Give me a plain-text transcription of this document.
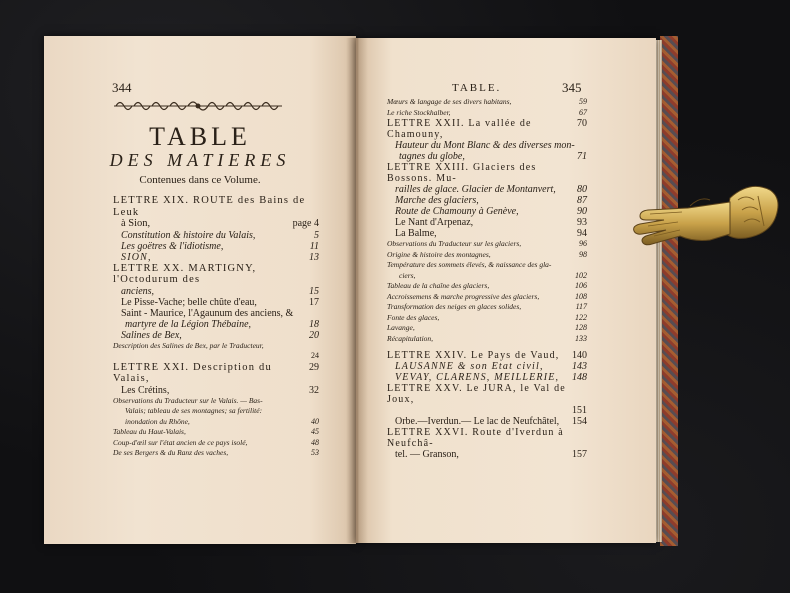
344
TABLE
DES MATIERES
Contenues dans ce Volume.
LETTRE XIX. ROUTE des Bains de Leuk
à Sion,	page 4
Constitution & histoire du Valais,	5
Les goëtres & l'idiotisme,	11
SION,	13
LETTRE XX. MARTIGNY, l'Octodurum des
anciens,	15
Le Pisse-Vache; belle chûte d'eau,	17
Saint - Maurice, l'Agaunum des anciens, &
martyre de la Légion Thébaine,	18
Salines de Bex,	20
Description des Salines de Bex, par le Traducteur,
24
LETTRE XXI. Description du Valais,
29
Les Crétins,	32
Observations du Traducteur sur le Valais. — Bas-
Valais; tableau de ses montagnes; sa fertilité:
inondation du Rhône,	40
Tableau du Haut-Valais,	45
Coup-d'œil sur l'état ancien de ce pays isolé,	48
De ses Bergers & du Ranz des vaches,	53
TABLE.	345
Mœurs & langage de ses divers habitans,	59
Le riche Stockhalber,	67
LETTRE XXII. La vallée de Chamouny,
70
Hauteur du Mont Blanc & des diverses mon-
tagnes du globe,	71
LETTRE XXIII. Glaciers des Bossons. Mu-
railles de glace. Glacier de Montanvert,	80
Marche des glaciers,	87
Route de Chamouny à Genève,	90
Le Nant d'Arpenaz,	93
La Balme,	94
Observations du Traducteur sur les glaciers,	96
Origine & histoire des montagnes,	98
Température des sommets élevés, & naissance des gla-
ciers,	102
Tableau de la chaîne des glaciers,	106
Accroissemens & marche progressive des glaciers,	108
Transformation des neiges en glaces solides,	117
Fonte des glaces,	122
Lavange,	128
Récapitulation,	133
LETTRE XXIV. Le Pays de Vaud,	140
LAUSANNE & son Etat civil,	143
VEVAY, CLARENS, MEILLERIE,	148
LETTRE XXV. Le JURA, le Val de Joux,
151
Orbe.—Iverdun.— Le lac de Neufchâtel,	154
LETTRE XXVI. Route d'Iverdun à Neufchâ-
tel. — Granson,	157
